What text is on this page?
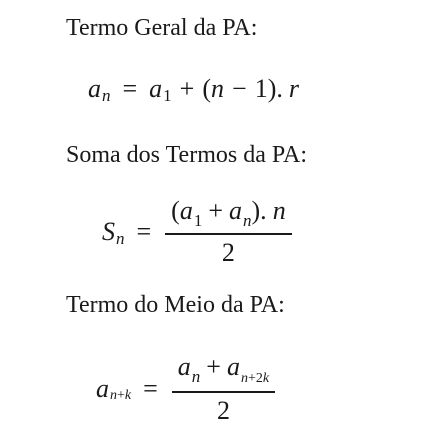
Termo Geral da PA:
a n = a 1 + ( n − 1). r
Soma dos Termos da PA:
S $n = \frac{(a_1 + a_n). n}{2}$
Termo do Meio da PA:
a $n+k = \frac{a_n + a_{n+2k}}{2}$
